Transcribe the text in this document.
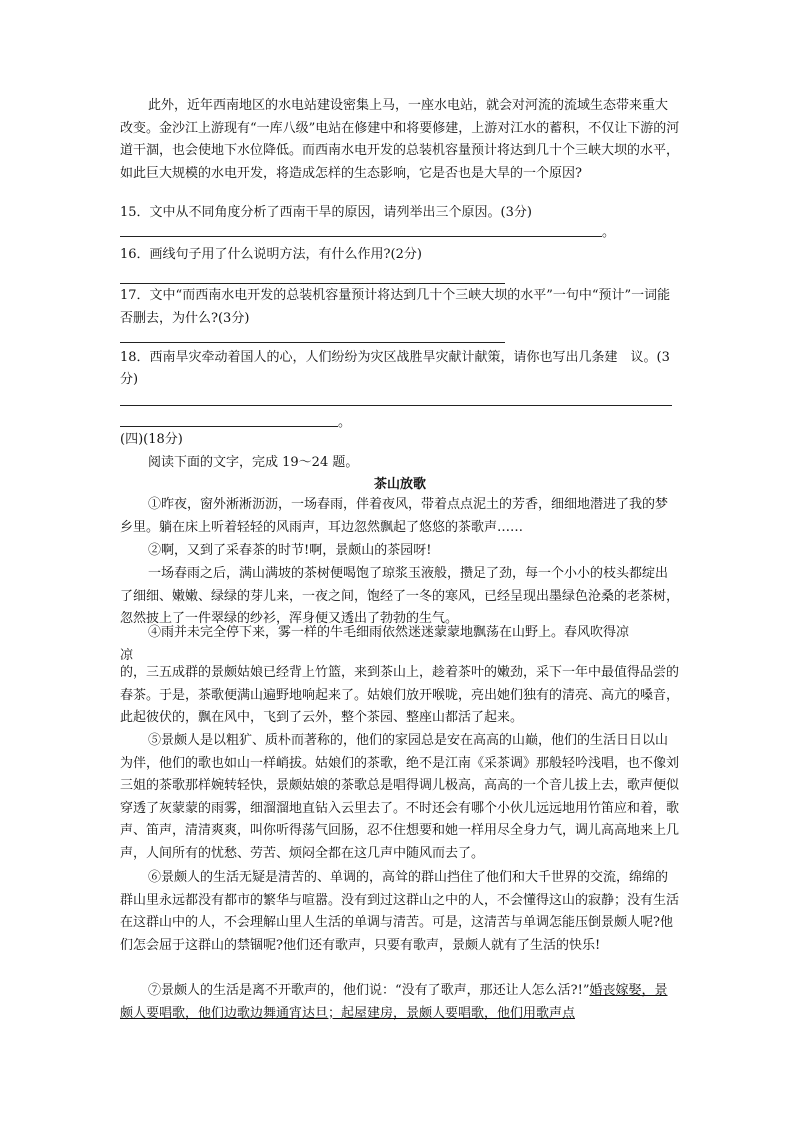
此外，近年西南地区的水电站建设密集上马，一座水电站，就会对河流的流域生态带来重大改变。金沙江上游现有“一库八级”电站在修建中和将要修建，上游对江水的蓄积，不仅让下游的河道干涸，也会使地下水位降低。而西南水电开发的总装机容量预计将达到几十个三峡大坝的水平，如此巨大规模的水电开发，将造成怎样的生态影响，它是否也是大旱的一个原因?
15．文中从不同角度分析了西南干旱的原因，请列举出三个原因。(3分)
。
16．画线句子用了什么说明方法，有什么作用?(2分)
17．文中“而西南水电开发的总装机容量预计将达到几十个三峡大坝的水平”一句中“预计”一词能否删去，为什么?(3分)
18．西南旱灾牵动着国人的心，人们纷纷为灾区战胜旱灾献计献策，请你也写出几条建　议。(3分)
。
(四)(18分)
阅读下面的文字，完成 19～24 题。
茶山放歌
①昨夜，窗外淅淅沥沥，一场春雨，伴着夜风，带着点点泥土的芳香，细细地潜进了我的梦乡里。躺在床上听着轻轻的风雨声，耳边忽然飘起了悠悠的茶歌声……
②啊，又到了采春茶的时节!啊，景颇山的茶园呀!
一场春雨之后，满山满坡的茶树便喝饱了琼浆玉液般，攒足了劲，每一个小小的枝头都绽出了细细、嫩嫩、绿绿的芽儿来，一夜之间，饱经了一冬的寒风，已经呈现出墨绿色沧桑的老茶树，忽然披上了一件翠绿的纱衫，浑身便又透出了勃勃的生气。
④雨并未完全停下来，雾一样的牛毛细雨依然迷迷蒙蒙地飘荡在山野上。春风吹得凉
凉
的，三五成群的景颇姑娘已经背上竹篮，来到茶山上，趁着茶叶的嫩劲，采下一年中最值得品尝的春茶。于是，茶歌便满山遍野地响起来了。姑娘们放开喉咙，亮出她们独有的清亮、高亢的嗓音，此起彼伏的，飘在风中，飞到了云外，整个茶园、整座山都活了起来。
⑤景颇人是以粗犷、质朴而著称的，他们的家园总是安在高高的山巅，他们的生活日日以山为伴，他们的歌也如山一样峭拔。姑娘们的茶歌，绝不是江南《采茶调》那般轻吟浅唱，也不像刘三姐的茶歌那样婉转轻快，景颇姑娘的茶歌总是唱得调儿极高，高高的一个音儿拔上去，歌声便似穿透了灰蒙蒙的雨雾，细溜溜地直钻入云里去了。不时还会有哪个小伙儿远远地用竹笛应和着，歌声、笛声，清清爽爽，叫你听得荡气回肠，忍不住想要和她一样用尽全身力气，调儿高高地来上几声，人间所有的忧愁、劳苦、烦闷全都在这几声中随风而去了。
⑥景颇人的生活无疑是清苦的、单调的，高耸的群山挡住了他们和大千世界的交流，绵绵的群山里永远都没有都市的繁华与喧嚣。没有到过这群山之中的人，不会懂得这山的寂静；没有生活在这群山中的人，不会理解山里人生活的单调与清苦。可是，这清苦与单调怎能压倒景颇人呢?他们怎会屈于这群山的禁锢呢?他们还有歌声，只要有歌声，景颇人就有了生活的快乐!
⑦景颇人的生活是离不开歌声的，他们说：“没有了歌声，那还让人怎么活?!”婚丧嫁娶，景颇人要唱歌，他们边歌边舞通宵达旦；起屋建房，景颇人要唱歌，他们用歌声点
